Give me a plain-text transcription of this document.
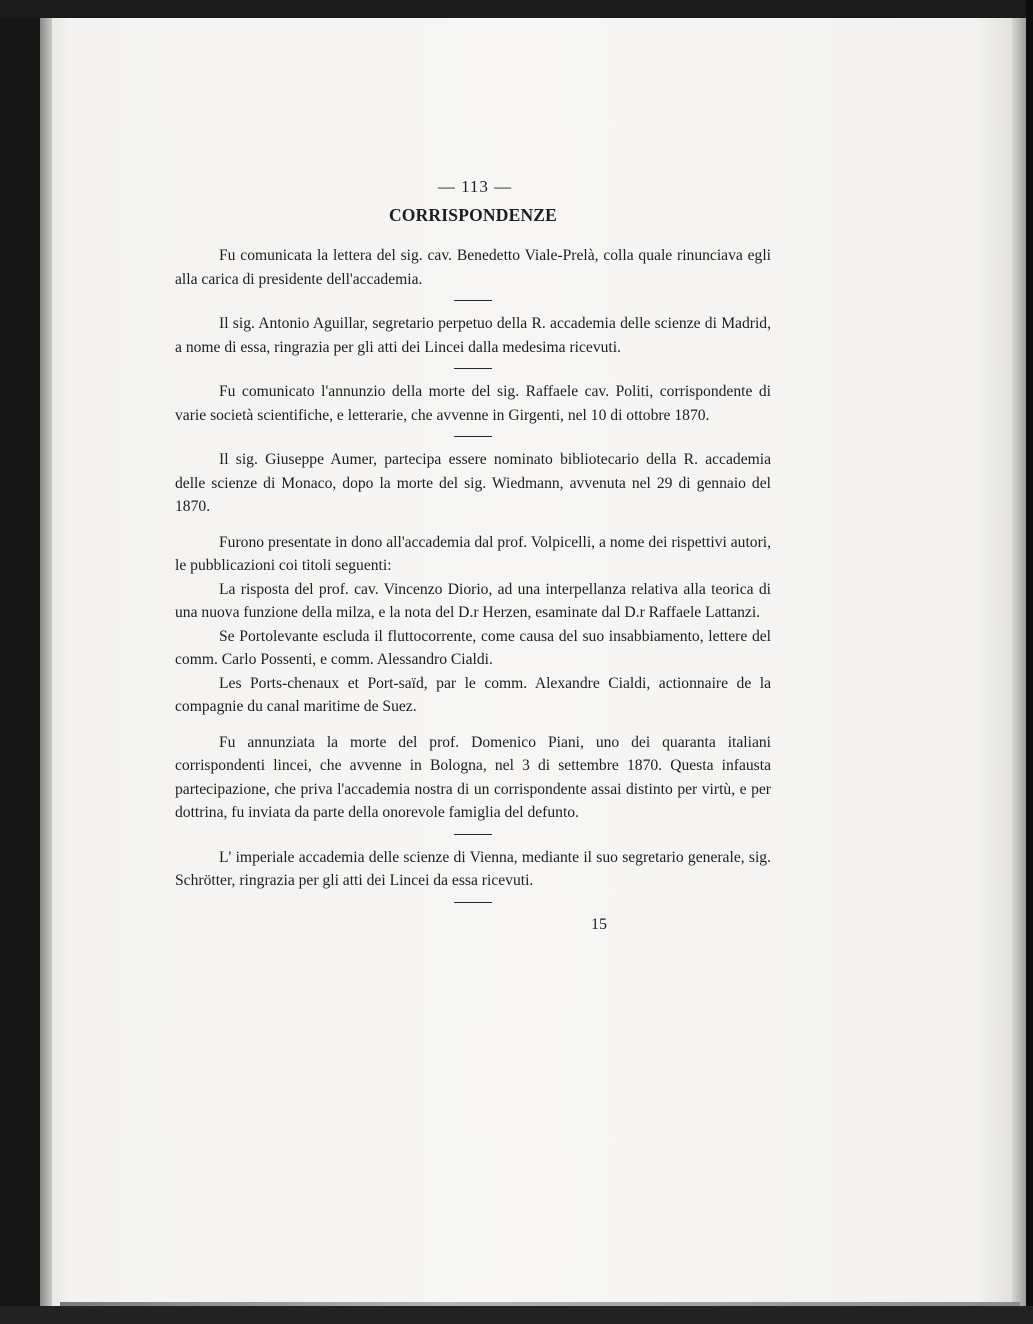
— 113 —

CORRISPONDENZE

Fu comunicata la lettera del sig. cav. Benedetto Viale-Prelà, colla quale rinunciava egli alla carica di presidente dell'accademia.

Il sig. Antonio Aguillar, segretario perpetuo della R. accademia delle scienze di Madrid, a nome di essa, ringrazia per gli atti dei Lincei dalla medesima ricevuti.

Fu comunicato l'annunzio della morte del sig. Raffaele cav. Politi, corrispondente di varie società scientifiche, e letterarie, che avvenne in Girgenti, nel 10 di ottobre 1870.

Il sig. Giuseppe Aumer, partecipa essere nominato bibliotecario della R. accademia delle scienze di Monaco, dopo la morte del sig. Wiedmann, avvenuta nel 29 di gennaio del 1870.

Furono presentate in dono all'accademia dal prof. Volpicelli, a nome dei rispettivi autori, le pubblicazioni coi titoli seguenti:

La risposta del prof. cav. Vincenzo Diorio, ad una interpellanza relativa alla teorica di una nuova funzione della milza, e la nota del D.r Herzen, esaminate dal D.r Raffaele Lattanzi.

Se Portolevante escluda il fluttocorrente, come causa del suo insabbiamento, lettere del comm. Carlo Possenti, e comm. Alessandro Cialdi.

Les Ports-chenaux et Port-saïd, par le comm. Alexandre Cialdi, actionnaire de la compagnie du canal maritime de Suez.

Fu annunziata la morte del prof. Domenico Piani, uno dei quaranta italiani corrispondenti lincei, che avvenne in Bologna, nel 3 di settembre 1870. Questa infausta partecipazione, che priva l'accademia nostra di un corrispondente assai distinto per virtù, e per dottrina, fu inviata da parte della onorevole famiglia del defunto.

L' imperiale accademia delle scienze di Vienna, mediante il suo segretario generale, sig. Schrötter, ringrazia per gli atti dei Lincei da essa ricevuti.

15
